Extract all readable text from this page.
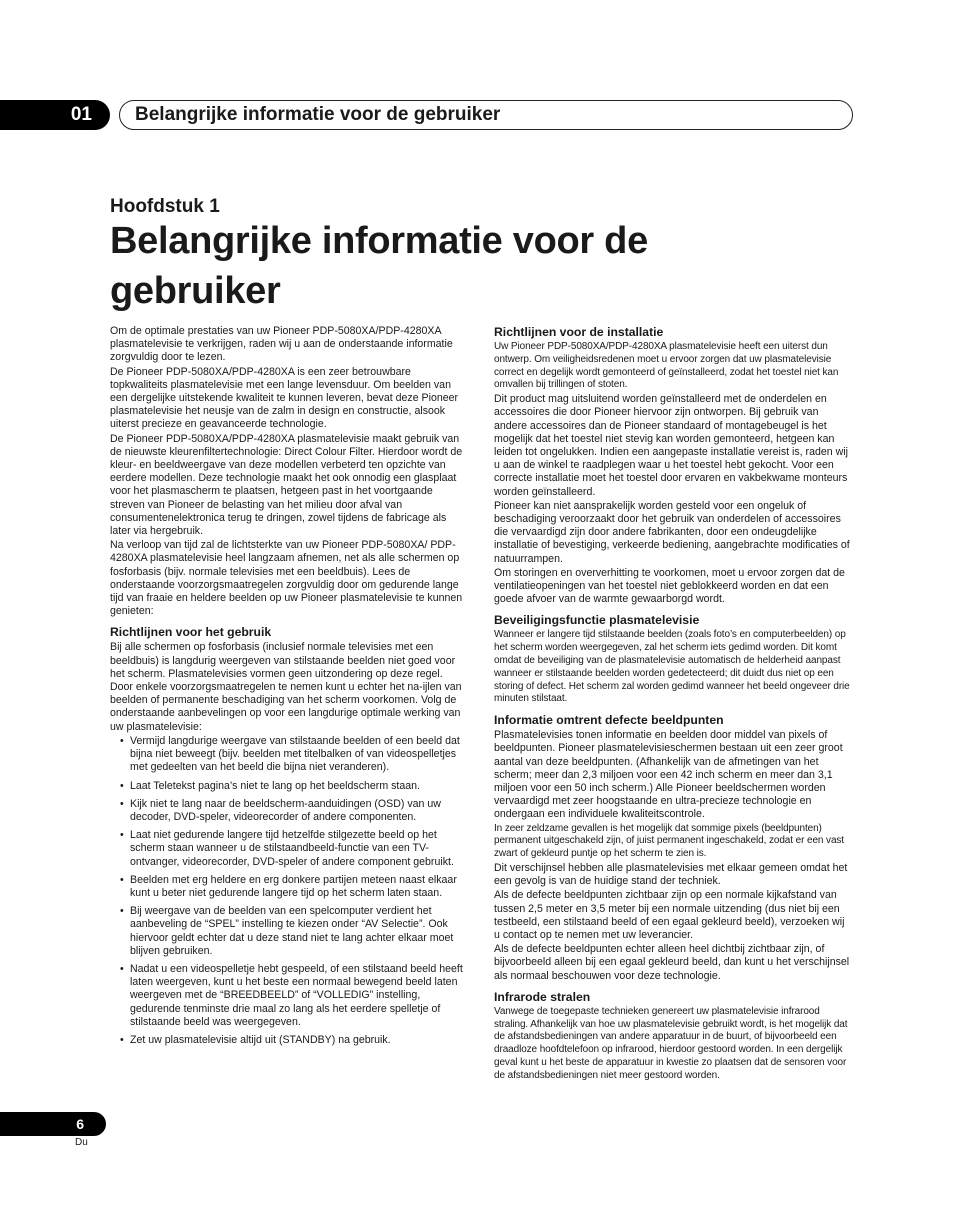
01	Belangrijke informatie voor de gebruiker
Hoofdstuk 1
Belangrijke informatie voor de gebruiker

Om de optimale prestaties van uw Pioneer PDP-5080XA/PDP-4280XA plasmatelevisie te verkrijgen, raden wij u aan de onderstaande informatie zorgvuldig door te lezen.

De Pioneer PDP-5080XA/PDP-4280XA is een zeer betrouwbare topkwaliteits plasmatelevisie met een lange levensduur. Om beelden van een dergelijke uitstekende kwaliteit te kunnen leveren, bevat deze Pioneer plasmatelevisie het neusje van de zalm in design en constructie, alsook uiterst precieze en geavanceerde technologie.

De Pioneer PDP-5080XA/PDP-4280XA plasmatelevisie maakt gebruik van de nieuwste kleurenfiltertechnologie: Direct Colour Filter. Hierdoor wordt de kleur- en beeldweergave van deze modellen verbeterd ten opzichte van eerdere modellen. Deze technologie maakt het ook onnodig een glasplaat voor het plasmascherm te plaatsen, hetgeen past in het voortgaande streven van Pioneer de belasting van het milieu door afval van consumentenelektronica terug te dringen, zowel tijdens de fabricage als later via hergebruik.

Na verloop van tijd zal de lichtsterkte van uw Pioneer PDP-5080XA/ PDP-4280XA plasmatelevisie heel langzaam afnemen, net als alle schermen op fosforbasis (bijv. normale televisies met een beeldbuis). Lees de onderstaande voorzorgsmaatregelen zorgvuldig door om gedurende lange tijd van fraaie en heldere beelden op uw Pioneer plasmatelevisie te kunnen genieten:

Richtlijnen voor het gebruik

Bij alle schermen op fosforbasis (inclusief normale televisies met een beeldbuis) is langdurig weergeven van stilstaande beelden niet goed voor het scherm. Plasmatelevisies vormen geen uitzondering op deze regel. Door enkele voorzorgsmaatregelen te nemen kunt u echter het na-ijlen van beelden of permanente beschadiging van het scherm voorkomen. Volg de onderstaande aanbevelingen op voor een langdurige optimale werking van uw plasmatelevisie:

• Vermijd langdurige weergave van stilstaande beelden of een beeld dat bijna niet beweegt (bijv. beelden met titelbalken of van videospelletjes met gedeelten van het beeld die bijna niet veranderen).
• Laat Teletekst pagina’s niet te lang op het beeldscherm staan.
• Kijk niet te lang naar de beeldscherm-aanduidingen (OSD) van uw decoder, DVD-speler, videorecorder of andere componenten.
• Laat niet gedurende langere tijd hetzelfde stilgezette beeld op het scherm staan wanneer u de stilstaandbeeld-functie van een TV-ontvanger, videorecorder, DVD-speler of andere component gebruikt.
• Beelden met erg heldere en erg donkere partijen meteen naast elkaar kunt u beter niet gedurende langere tijd op het scherm laten staan.
• Bij weergave van de beelden van een spelcomputer verdient het aanbeveling de “SPEL” instelling te kiezen onder “AV Selectie”. Ook hiervoor geldt echter dat u deze stand niet te lang achter elkaar moet blijven gebruiken.
• Nadat u een videospelletje hebt gespeeld, of een stilstaand beeld heeft laten weergeven, kunt u het beste een normaal bewegend beeld laten weergeven met de “BREEDBEELD” of “VOLLEDIG” instelling, gedurende tenminste drie maal zo lang als het eerdere spelletje of stilstaande beeld was weergegeven.
• Zet uw plasmatelevisie altijd uit (STANDBY) na gebruik.
Richtlijnen voor de installatie

Uw Pioneer PDP-5080XA/PDP-4280XA plasmatelevisie heeft een uiterst dun ontwerp. Om veiligheidsredenen moet u ervoor zorgen dat uw plasmatelevisie correct en degelijk wordt gemonteerd of geïnstalleerd, zodat het toestel niet kan omvallen bij trillingen of stoten.

Dit product mag uitsluitend worden geïnstalleerd met de onderdelen en accessoires die door Pioneer hiervoor zijn ontworpen. Bij gebruik van andere accessoires dan de Pioneer standaard of montagebeugel is het mogelijk dat het toestel niet stevig kan worden gemonteerd, hetgeen kan leiden tot ongelukken. Indien een aangepaste installatie vereist is, raden wij u aan de winkel te raadplegen waar u het toestel hebt gekocht. Voor een correcte installatie moet het toestel door ervaren en vakbekwame monteurs worden geïnstalleerd.

Pioneer kan niet aansprakelijk worden gesteld voor een ongeluk of beschadiging veroorzaakt door het gebruik van onderdelen of accessoires die vervaardigd zijn door andere fabrikanten, door een ondeugdelijke installatie of bevestiging, verkeerde bediening, aangebrachte modificaties of natuurrampen.

Om storingen en oververhitting te voorkomen, moet u ervoor zorgen dat de ventilatieopeningen van het toestel niet geblokkeerd worden en dat een goede afvoer van de warmte gewaarborgd wordt.

Beveiligingsfunctie plasmatelevisie

Wanneer er langere tijd stilstaande beelden (zoals foto’s en computerbeelden) op het scherm worden weergegeven, zal het scherm iets gedimd worden. Dit komt omdat de beveiliging van de plasmatelevisie automatisch de helderheid aanpast wanneer er stilstaande beelden worden gedetecteerd; dit duidt dus niet op een storing of defect. Het scherm zal worden gedimd wanneer het beeld ongeveer drie minuten stilstaat.

Informatie omtrent defecte beeldpunten

Plasmatelevisies tonen informatie en beelden door middel van pixels of beeldpunten. Pioneer plasmatelevisieschermen bestaan uit een zeer groot aantal van deze beeldpunten. (Afhankelijk van de afmetingen van het scherm; meer dan 2,3 miljoen voor een 42 inch scherm en meer dan 3,1 miljoen voor een 50 inch scherm.) Alle Pioneer beeldschermen worden vervaardigd met zeer hoogstaande en ultra-precieze technologie en ondergaan een individuele kwaliteitscontrole.

In zeer zeldzame gevallen is het mogelijk dat sommige pixels (beeldpunten) permanent uitgeschakeld zijn, of juist permanent ingeschakeld, zodat er een vast zwart of gekleurd puntje op het scherm te zien is.

Dit verschijnsel hebben alle plasmatelevisies met elkaar gemeen omdat het een gevolg is van de huidige stand der techniek.

Als de defecte beeldpunten zichtbaar zijn op een normale kijkafstand van tussen 2,5 meter en 3,5 meter bij een normale uitzending (dus niet bij een testbeeld, een stilstaand beeld of een egaal gekleurd beeld), verzoeken wij u contact op te nemen met uw leverancier.

Als de defecte beeldpunten echter alleen heel dichtbij zichtbaar zijn, of bijvoorbeeld alleen bij een egaal gekleurd beeld, dan kunt u het verschijnsel als normaal beschouwen voor deze technologie.

Infrarode stralen

Vanwege de toegepaste technieken genereert uw plasmatelevisie infrarood straling. Afhankelijk van hoe uw plasmatelevisie gebruikt wordt, is het mogelijk dat de afstandsbedieningen van andere apparatuur in de buurt, of bijvoorbeeld een draadloze hoofdtelefoon op infrarood, hierdoor gestoord worden. In een dergelijk geval kunt u het beste de apparatuur in kwestie zo plaatsen dat de sensoren voor de afstandsbedieningen niet meer gestoord worden.

6
Du
